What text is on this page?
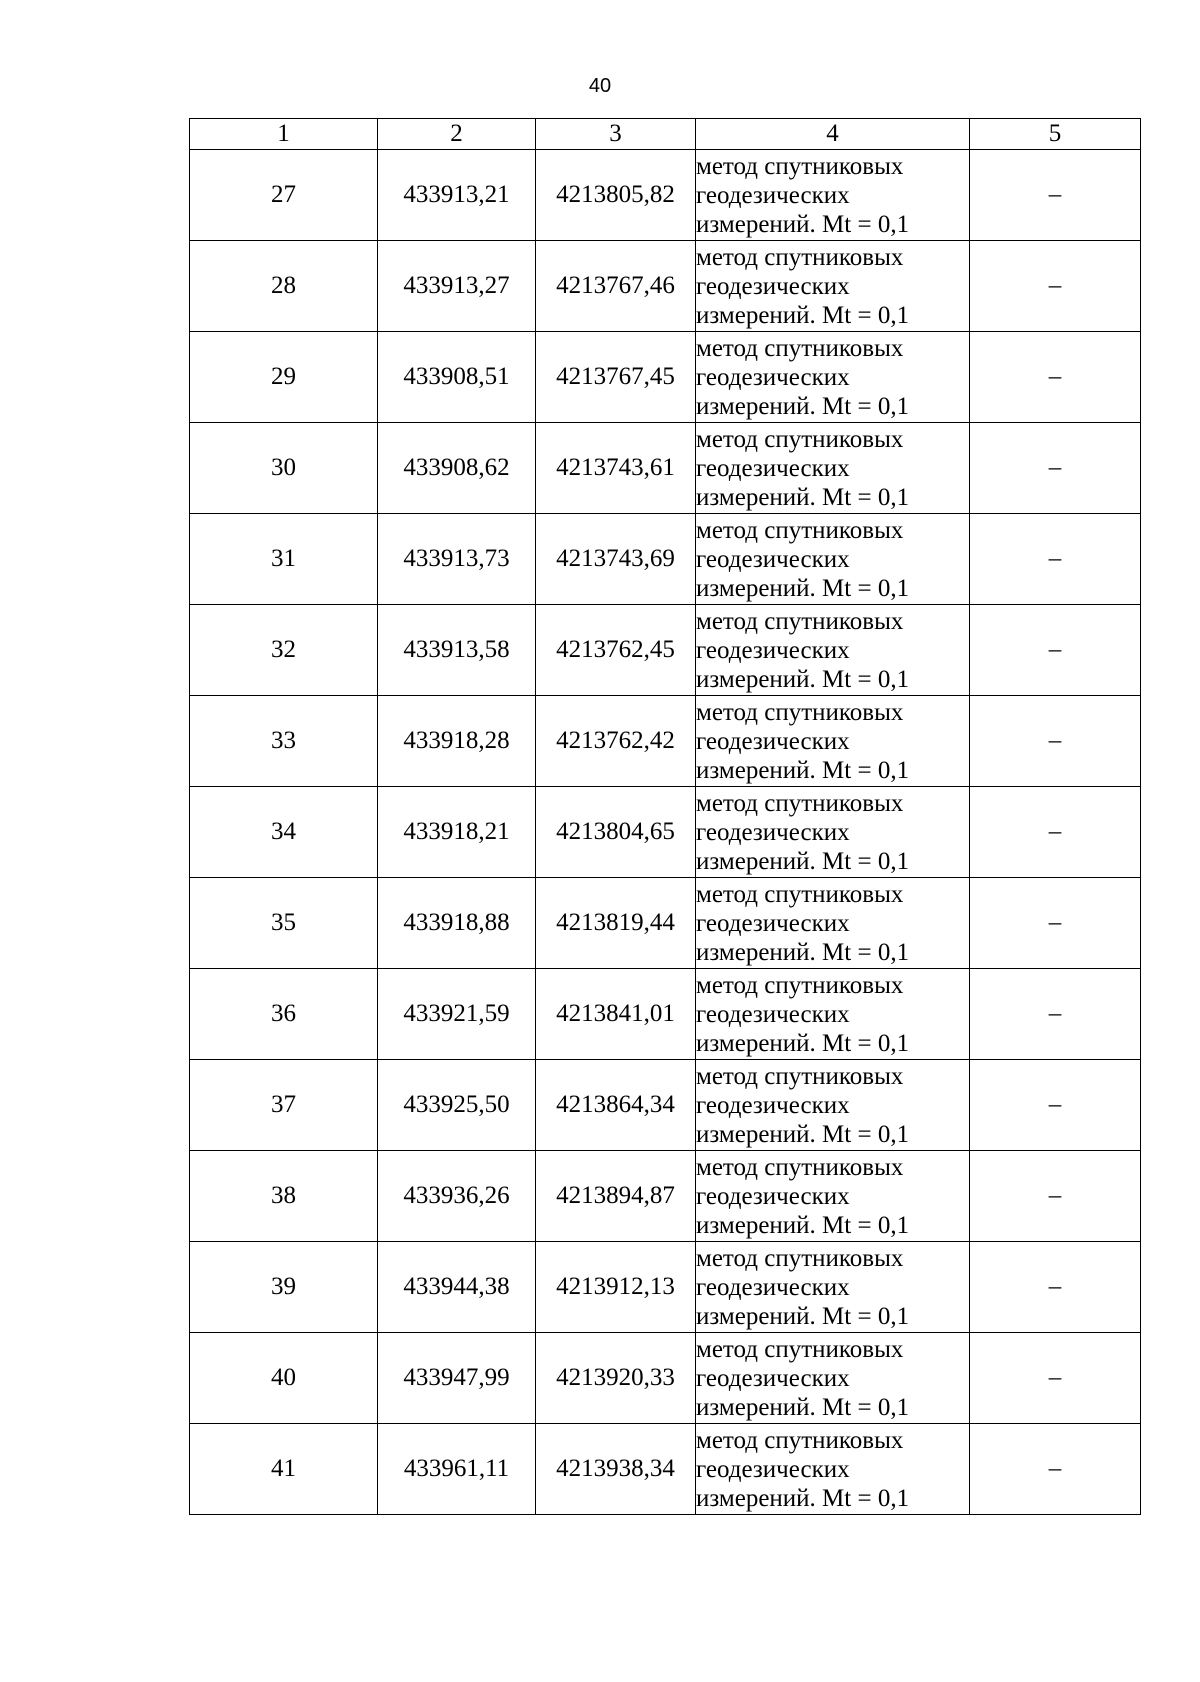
40
1	2	3	4	5
27	433913,21	4213805,82	метод спутниковых
геодезических
измерений. Mt = 0,1	–
28	433913,27	4213767,46	метод спутниковых
геодезических
измерений. Mt = 0,1	–
29	433908,51	4213767,45	метод спутниковых
геодезических
измерений. Mt = 0,1	–
30	433908,62	4213743,61	метод спутниковых
геодезических
измерений. Mt = 0,1	–
31	433913,73	4213743,69	метод спутниковых
геодезических
измерений. Mt = 0,1	–
32	433913,58	4213762,45	метод спутниковых
геодезических
измерений. Mt = 0,1	–
33	433918,28	4213762,42	метод спутниковых
геодезических
измерений. Mt = 0,1	–
34	433918,21	4213804,65	метод спутниковых
геодезических
измерений. Mt = 0,1	–
35	433918,88	4213819,44	метод спутниковых
геодезических
измерений. Mt = 0,1	–
36	433921,59	4213841,01	метод спутниковых
геодезических
измерений. Mt = 0,1	–
37	433925,50	4213864,34	метод спутниковых
геодезических
измерений. Mt = 0,1	–
38	433936,26	4213894,87	метод спутниковых
геодезических
измерений. Mt = 0,1	–
39	433944,38	4213912,13	метод спутниковых
геодезических
измерений. Mt = 0,1	–
40	433947,99	4213920,33	метод спутниковых
геодезических
измерений. Mt = 0,1	–
41	433961,11	4213938,34	метод спутниковых
геодезических
измерений. Mt = 0,1	–
